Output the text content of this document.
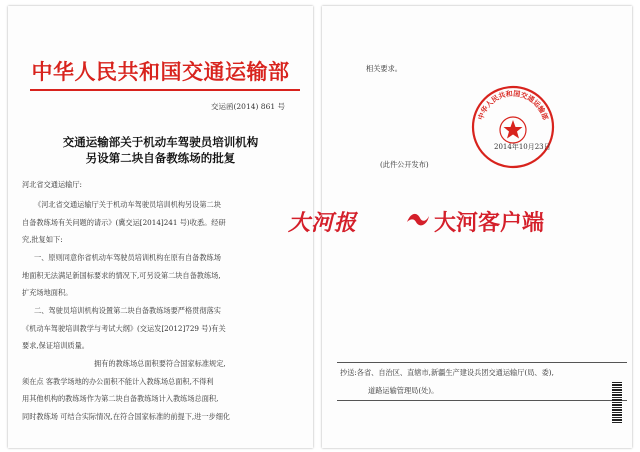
中华人民共和国交通运输部
交运函(2014) 861 号
交通运输部关于机动车驾驶员培训机构
另设第二块自备教练场的批复
河北省交通运输厅:
《河北省交通运输厅关于机动车驾驶员培训机构另设第二块
自备教练场有关问题的请示》(冀交运[2014]241 号)收悉。经研
究,批复如下:
一、原则同意你省机动车驾驶员培训机构在原有自备教练场
地面积无法满足新国标要求的情况下,可另设第二块自备教练场,
扩充场地面积。
二、驾驶员培训机构设置第二块自备教练场要严格贯彻落实
《机动车驾驶培训教学与考试大纲》(交运发[2012]729 号)有关
要求,保证培训质量。
拥有的教练场总面积要符合国家标准规定,
须在点 客教学场地的办公面积不能计入教练场总面积,不得利
用其他机构的教练场作为第二块自备教练场计入教练场总面积,
同时教练场 可结合实际情况,在符合国家标准的前提下,进一步细化
相关要求。
中华人民共和国交通运输部
2014年10月23日
(此件公开发布)
抄送:各省、自治区、直辖市,新疆生产建设兵团交通运输厅(局、委),
道路运输管理局(处)。
大河报	大河客户端
